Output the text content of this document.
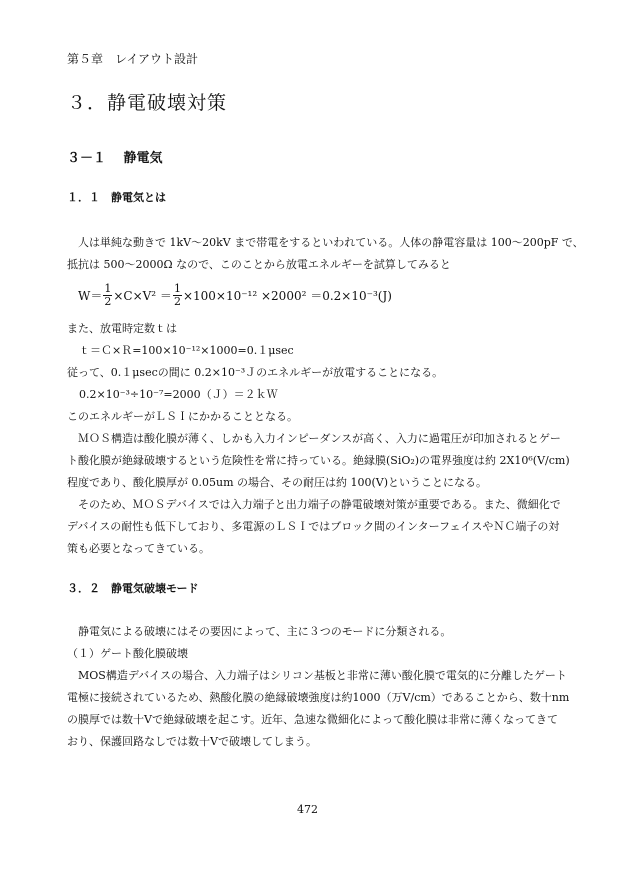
第５章　レイアウト設計
３．静電破壊対策
３－１　 静電気
１．１　静電気とは
　人は単純な動きで 1kV～20kV まで帯電をするといわれている。人体の静電容量は 100～200pF で、
抵抗は 500～2000Ω なので、このことから放電エネルギーを試算してみると
$W= \frac{1}{2} \times C\times V^2 = \frac{1}{2} \times 100\times 10^{-12} \times 2000^2 =0.2\times 10^{-3}(J)$
また、放電時定数ｔは
ｔ＝Ｃ×Ｒ=100×10⁻¹²×1000=0.１μsec
従って、0.１μsecの間に 0.2×10⁻³Ｊのエネルギーが放電することになる。
0.2×10⁻³÷10⁻⁷=2000（Ｊ）＝２ｋＷ
このエネルギーがＬＳＩにかかることとなる。
　ＭＯＳ構造は酸化膜が薄く、しかも入力インピーダンスが高く、入力に過電圧が印加されるとゲー
ト酸化膜が絶縁破壊するという危険性を常に持っている。絶縁膜(SiO₂)の電界強度は約 2X10⁶(V/cm)
程度であり、酸化膜厚が 0.05um の場合、その耐圧は約 100(V)ということになる。
　そのため、ＭＯＳデバイスでは入力端子と出力端子の静電破壊対策が重要である。また、微細化で
デバイスの耐性も低下しており、多電源のＬＳＩではブロック間のインターフェイスやＮＣ端子の対
策も必要となってきている。
３．２　静電気破壊モード
　静電気による破壊にはその要因によって、主に３つのモードに分類される。
（１）ゲート酸化膜破壊
　MOS構造デバイスの場合、入力端子はシリコン基板と非常に薄い酸化膜で電気的に分離したゲート
電極に接続されているため、熱酸化膜の絶縁破壊強度は約1000（万V/cm）であることから、数十nm
の膜厚では数十Vで絶縁破壊を起こす。近年、急速な微細化によって酸化膜は非常に薄くなってきて
おり、保護回路なしでは数十Vで破壊してしまう。
472
